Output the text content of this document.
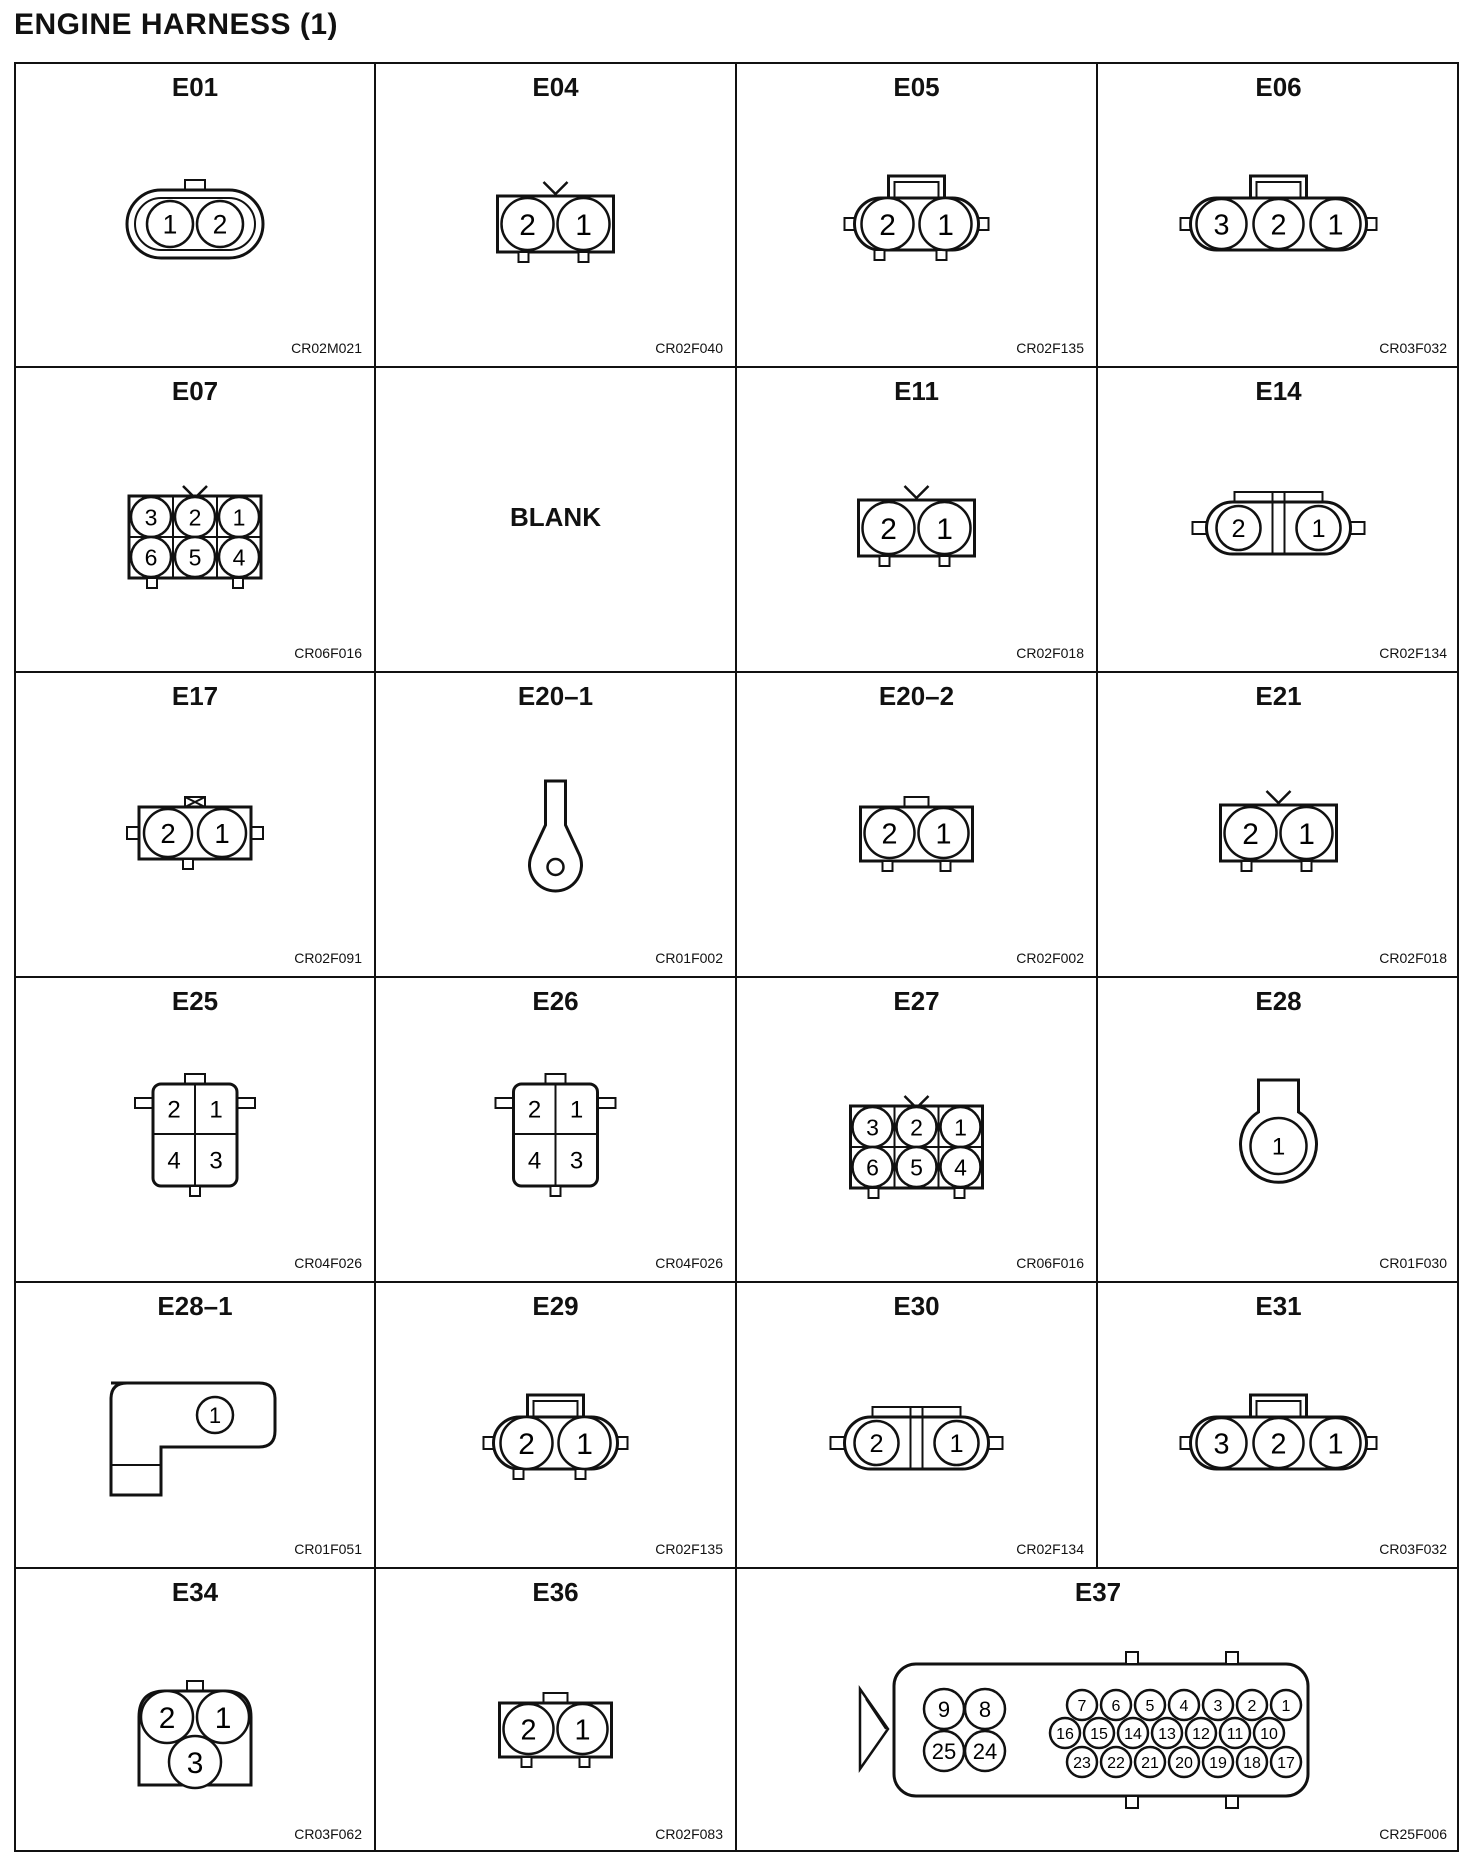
ENGINE HARNESS (1)
E01
1 2
CR02M021
E04
2 1
CR02F040
E05
2 1
CR02F135
E06
3 2 1
CR03F032
E07
3 2 1
6 5 4
CR06F016
BLANK
E11
2 1
CR02F018
E14
2	1
CR02F134
E17
2 1
CR02F091
E20–1
CR01F002
E20–2
2 1
CR02F002
E21
2 1
CR02F018
E25
2 1
4 3
CR04F026
E26
2 1
4 3
CR04F026
E27
3 2 1
6 5 4
CR06F016
E28
1
CR01F030
E28–1
1
CR01F051
E29
2 1
CR02F135
E30
2	1
CR02F134
E31
3 2 1
CR03F032
E34
2 1
3
CR03F062
E36
2 1
CR02F083
E37
9 8
25 24
7 6 5 4 3 2 1
16 15 14 13 12 11 10
23 22 21 20 19 18 17
CR25F006
